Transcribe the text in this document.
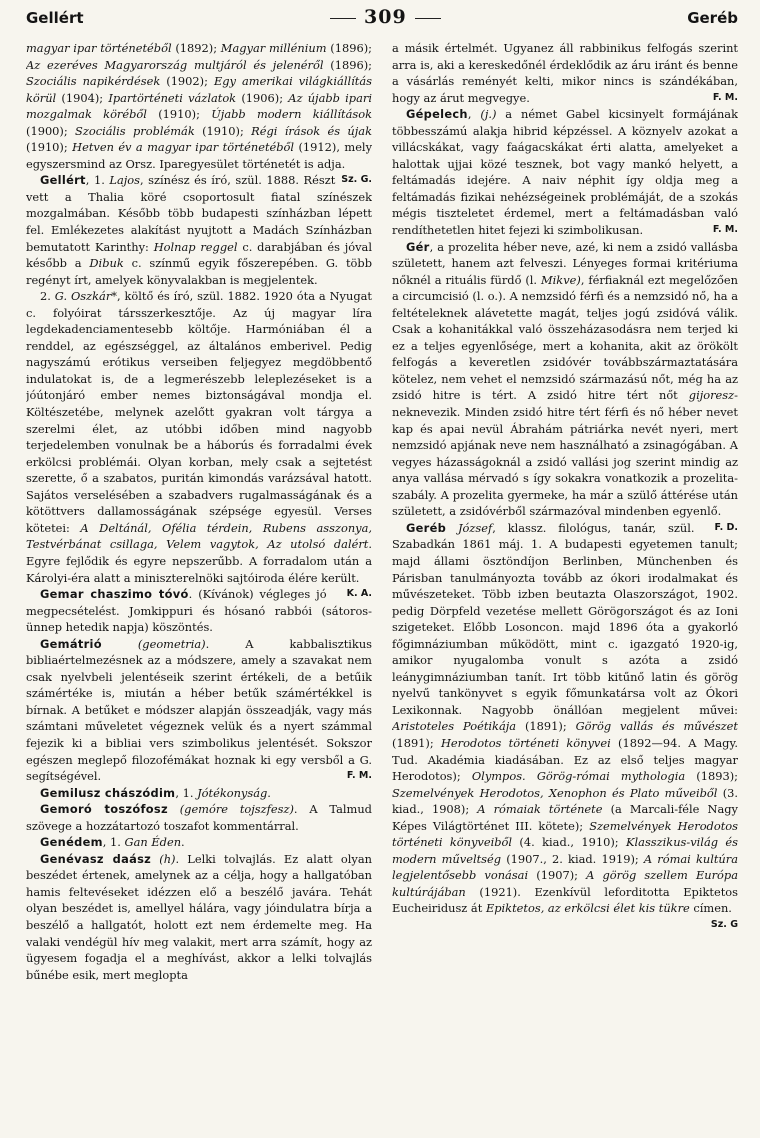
Gellért	309	Geréb

magyar ipar történetéből (1892); Magyar millénium (1896); Az ezeréves Magyarország multjáról és jelenéről (1896); Szociális napikérdések (1902); Egy amerikai világkiállítás körül (1904); Ipartörténeti vázlatok (1906); Az újabb ipari mozgalmak köréből (1910); Újabb modern kiállítások (1900); Szociális problémák (1910); Régi írások és újak (1910); Hetven év a magyar ipar történetéből (1912), mely egyszersmind az Orsz. Iparegyesület történetét is adja.
Sz. G.

Gellért, 1. Lajos, színész és író, szül. 1888. Részt vett a Thalia köré csoportosult fiatal színészek mozgalmában. Később több budapesti színházban lépett fel. Emlékezetes alakítást nyujtott a Madách Színházban bemutatott Karinthy: Holnap reggel c. darabjában és jóval később a Dibuk c. színmű egyik főszerepében. G. több regényt írt, amelyek könyvalakban is megjelentek.

2. G. Oszkár*, költő és író, szül. 1882. 1920 óta a Nyugat c. folyóirat társszerkesztője. Az új magyar líra legdekadenciamentesebb költője. Harmóniában él a renddel, az egészséggel, az általános emberivel. Pedig nagyszámú erótikus verseiben feljegyez megdöbbentő indulatokat is, de a legmerészebb leleplezéseket is a jóútonjáró ember nemes biztonságával mondja el. Költészetébe, melynek azelőtt gyakran volt tárgya a szerelmi élet, az utóbbi időben mind nagyobb terjedelemben vonulnak be a háborús és forradalmi évek erkölcsi problémái. Olyan korban, mely csak a sejtetést szerette, ő a szabatos, puritán kimondás varázsával hatott. Sajátos verselésében a szabadvers rugalmasságának és a kötöttvers dallamosságának szépsége egyesül. Verses kötetei: A Deltánál, Ofélia térdein, Rubens asszonya, Testvérbánat csillaga, Velem vagytok, Az utolsó dalért. Egyre fejlődik és egyre nepszerűbb. A forradalom után a Károlyi-éra alatt a miniszterelnöki sajtóiroda élére került.
K. A.

Gemar chaszimo tóvó. (Kívánok) végleges jó megpecsételést. Jomkippuri és hósanó rabbói (sátoros-ünnep hetedik napja) köszöntés.

Gemátrió	(geometria). A kabbalisztikus bibliaértelmezésnek az a módszere, amely a szavakat nem csak nyelvbeli jelentéseik szerint értékeli, de a betűik számértéke is, miután a héber betűk számértékkel is bírnak. A betűket e módszer alapján összeadják, vagy más számtani műveletet végeznek velük és a nyert számmal fejezik ki a bibliai vers szimbolikus jelentését. Sokszor egészen meglepő filozofémákat hoznak ki egy versből a G. segítségével.	F. M.

Gemilusz chászódim, 1. Jótékonyság.

Gemoró toszófosz (gemóre tojszfesz). A Talmud szövege a hozzátartozó toszafot kommentárral.

Genédem, 1. Gan Éden.

Genévasz daász (h). Lelki tolvajlás. Ez alatt olyan beszédet értenek, amelynek az a célja, hogy a hallgatóban hamis feltevéseket idézzen elő a beszélő javára. Tehát olyan beszédet is, amellyel hálára, vagy jóindulatra bírja a beszélő a hallgatót, holott ezt nem érdemelte meg. Ha valaki vendégül hív meg valakit, mert arra számít, hogy az ügyesem fogadja el a meghívást, akkor a lelki tolvajlás bűnébe esik, mert meglopta

a másik értelmét. Ugyanez áll rabbinikus felfogás szerint arra is, aki a kereskedőnél érdeklődik az áru iránt és benne a vásárlás reményét kelti, mikor nincs is szándékában, hogy az árut megvegye.	F. M.

Gépelech, (j.) a német Gabel kicsinyelt formájának többesszámú alakja hibrid képzéssel. A köznyelv azokat a villácskákat, vagy faágacskákat érti alatta, amelyeket a halottak ujjai közé tesznek, bot vagy mankó helyett, a feltámadás idejére. A naiv néphit így oldja meg a feltámadás fizikai nehézségeinek problémáját, de a szokás mégis tiszteletet érdemel, mert a feltámadásban való rendíthetetlen hitet fejezi ki szimbolikusan.	F. M.

Gér, a prozelita héber neve, azé, ki nem a zsidó vallásba született, hanem azt felveszi. Lényeges formai kritériuma nőknél a rituális fürdő (l. Mikve), férfiaknál ezt megelőzően a circumcisió (l. o.). A nemzsidó férfi és a nemzsidó nő, ha a feltételeknek alávetette magát, teljes jogú zsidóvá válik. Csak a kohanitákkal való összeházasodásra nem terjed ki ez a teljes egyenlősége, mert a kohanita, akit az örökölt felfogás a keveretlen zsidóvér továbbszármaztatására kötelez, nem vehet el nemzsidó származású nőt, még ha az zsidó hitre is tért. A zsidó hitre tért nőt gijoresz-neknevezik. Minden zsidó hitre tért férfi és nő héber nevet kap és apai nevül Ábrahám pátriárka nevét nyeri, mert nemzsidó apjának neve nem használható a zsinagógában. A vegyes házasságoknál a zsidó vallási jog szerint mindig az anya vallása mérvadó s így sokakra vonatkozik a prozelita-szabály. A prozelita gyermeke, ha már a szülő áttérése után született, a zsidóvérből származóval mindenben egyenlő.
F. D.

Geréb József, klassz. filológus, tanár, szül. Szabadkán 1861 máj. 1. A budapesti egyetemen tanult; majd állami ösztöndíjon Berlinben, Münchenben és Párisban tanulmányozta tovább az ókori irodalmakat és művészeteket. Több izben beutazta Olaszországot, 1902. pedig Dörpfeld vezetése mellett Görögországot és az Ioni szigeteket. Előbb Losoncon. majd 1896 óta a gyakorló főgimnáziumban működött, mint c. igazgató 1920-ig, amikor nyugalomba vonult s azóta a zsidó leánygimnáziumban tanít. Irt több kitűnő latin és görög nyelvű tankönyvet s egyik főmunkatársa volt az Ókori Lexikonnak. Nagyobb önállóan megjelent művei: Aristoteles Poétikája (1891); Görög vallás és művészet (1891); Herodotos történeti könyvei (1892—94. A Magy. Tud. Akadémia kiadásában. Ez az első teljes magyar Herodotos); Olympos. Görög-római mythologia (1893); Szemelvények Herodotos, Xenophon és Plato műveiből (3. kiad., 1908); A rómaiak története (a Marcali-féle Nagy Képes Világtörténet III. kötete); Szemelvények Herodotos történeti könyveiből (4. kiad., 1910); Klasszikus-világ és modern műveltség (1907., 2. kiad. 1919); A római kultúra legjelentősebb vonásai (1907); A görög szellem Európa kultúrájában (1921). Ezenkívül leforditotta Epiktetos Eucheiridusz át Epiktetos, az erkölcsi élet kis tükre címen.
Sz. G
